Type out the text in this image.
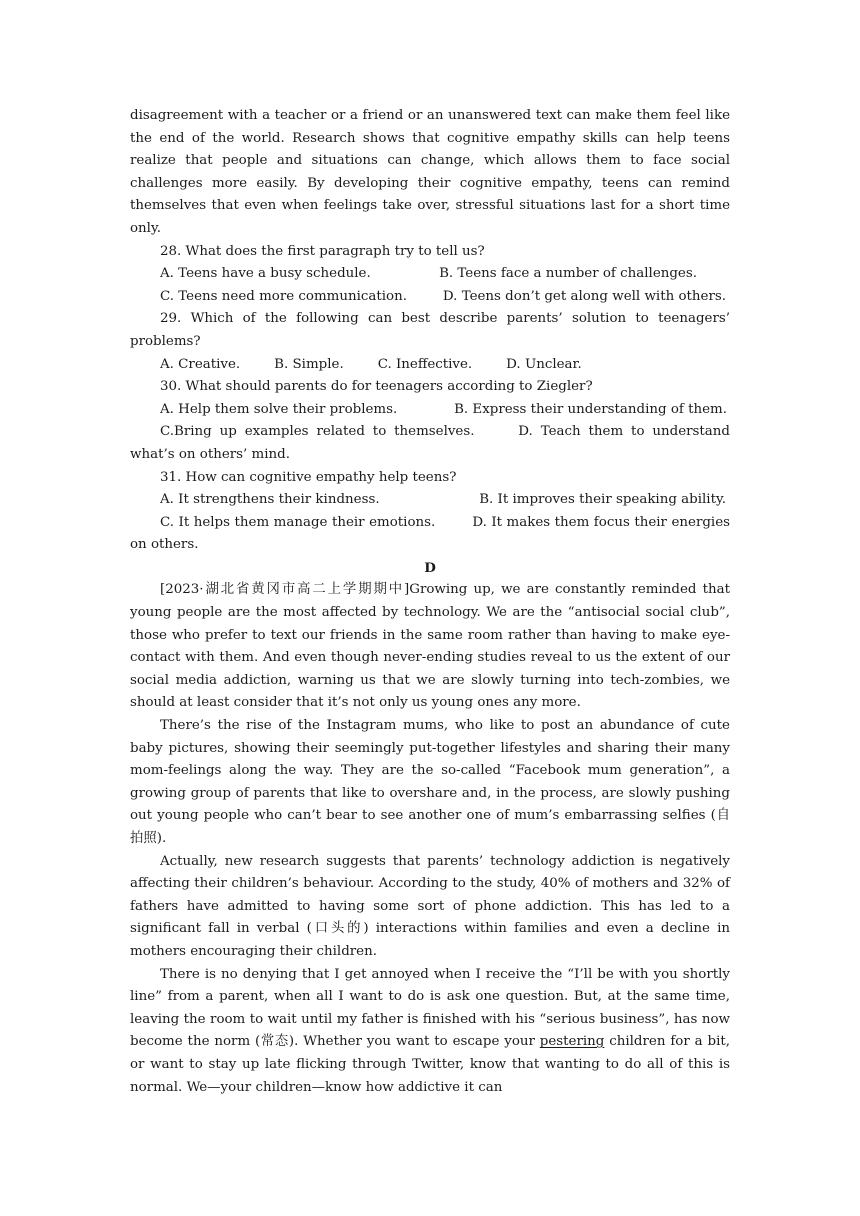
disagreement with a teacher or a friend or an unanswered text can make them feel like the end of the world. Research shows that cognitive empathy skills can help teens realize that people and situations can change, which allows them to face social challenges more easily. By developing their cognitive empathy, teens can remind themselves that even when feelings take over, stressful situations last for a short time only.

28. What does the first paragraph try to tell us?

A. Teens have a busy schedule.	B. Teens face a number of challenges.
C. Teens need more communication.	D. Teens don’t get along well with others.

29. Which of the following can best describe parents’ solution to teenagers’ problems?

A. Creative.	B. Simple.	C. Ineffective.	D. Unclear.

30. What should parents do for teenagers according to Ziegler?

A. Help them solve their problems.	B. Express their understanding of them.

C.Bring up examples related to themselves.	D. Teach them to understand what’s on others’ mind.

31. How can cognitive empathy help teens?

A. It strengthens their kindness.	B. It improves their speaking ability.

C. It helps them manage their emotions.	D. It makes them focus their energies on others.

D

[2023·湖北省黄冈市高二上学期期中]Growing up, we are constantly reminded that young people are the most affected by technology. We are the “antisocial social club”, those who prefer to text our friends in the same room rather than having to make eye-contact with them. And even though never-ending studies reveal to us the extent of our social media addiction, warning us that we are slowly turning into tech-zombies, we should at least consider that it’s not only us young ones any more.

There’s the rise of the Instagram mums, who like to post an abundance of cute baby pictures, showing their seemingly put-together lifestyles and sharing their many mom-feelings along the way. They are the so-called “Facebook mum generation”, a growing group of parents that like to overshare and, in the process, are slowly pushing out young people who can’t bear to see another one of mum’s embarrassing selfies (自拍照).

Actually, new research suggests that parents’ technology addiction is negatively affecting their children’s behaviour. According to the study, 40% of mothers and 32% of fathers have admitted to having some sort of phone addiction. This has led to a significant fall in verbal (口头的) interactions within families and even a decline in mothers encouraging their children.

There is no denying that I get annoyed when I receive the “I’ll be with you shortly line” from a parent, when all I want to do is ask one question. But, at the same time, leaving the room to wait until my father is finished with his “serious business”, has now become the norm (常态). Whether you want to escape your pestering children for a bit, or want to stay up late flicking through Twitter, know that wanting to do all of this is normal. We—your children—know how addictive it can
